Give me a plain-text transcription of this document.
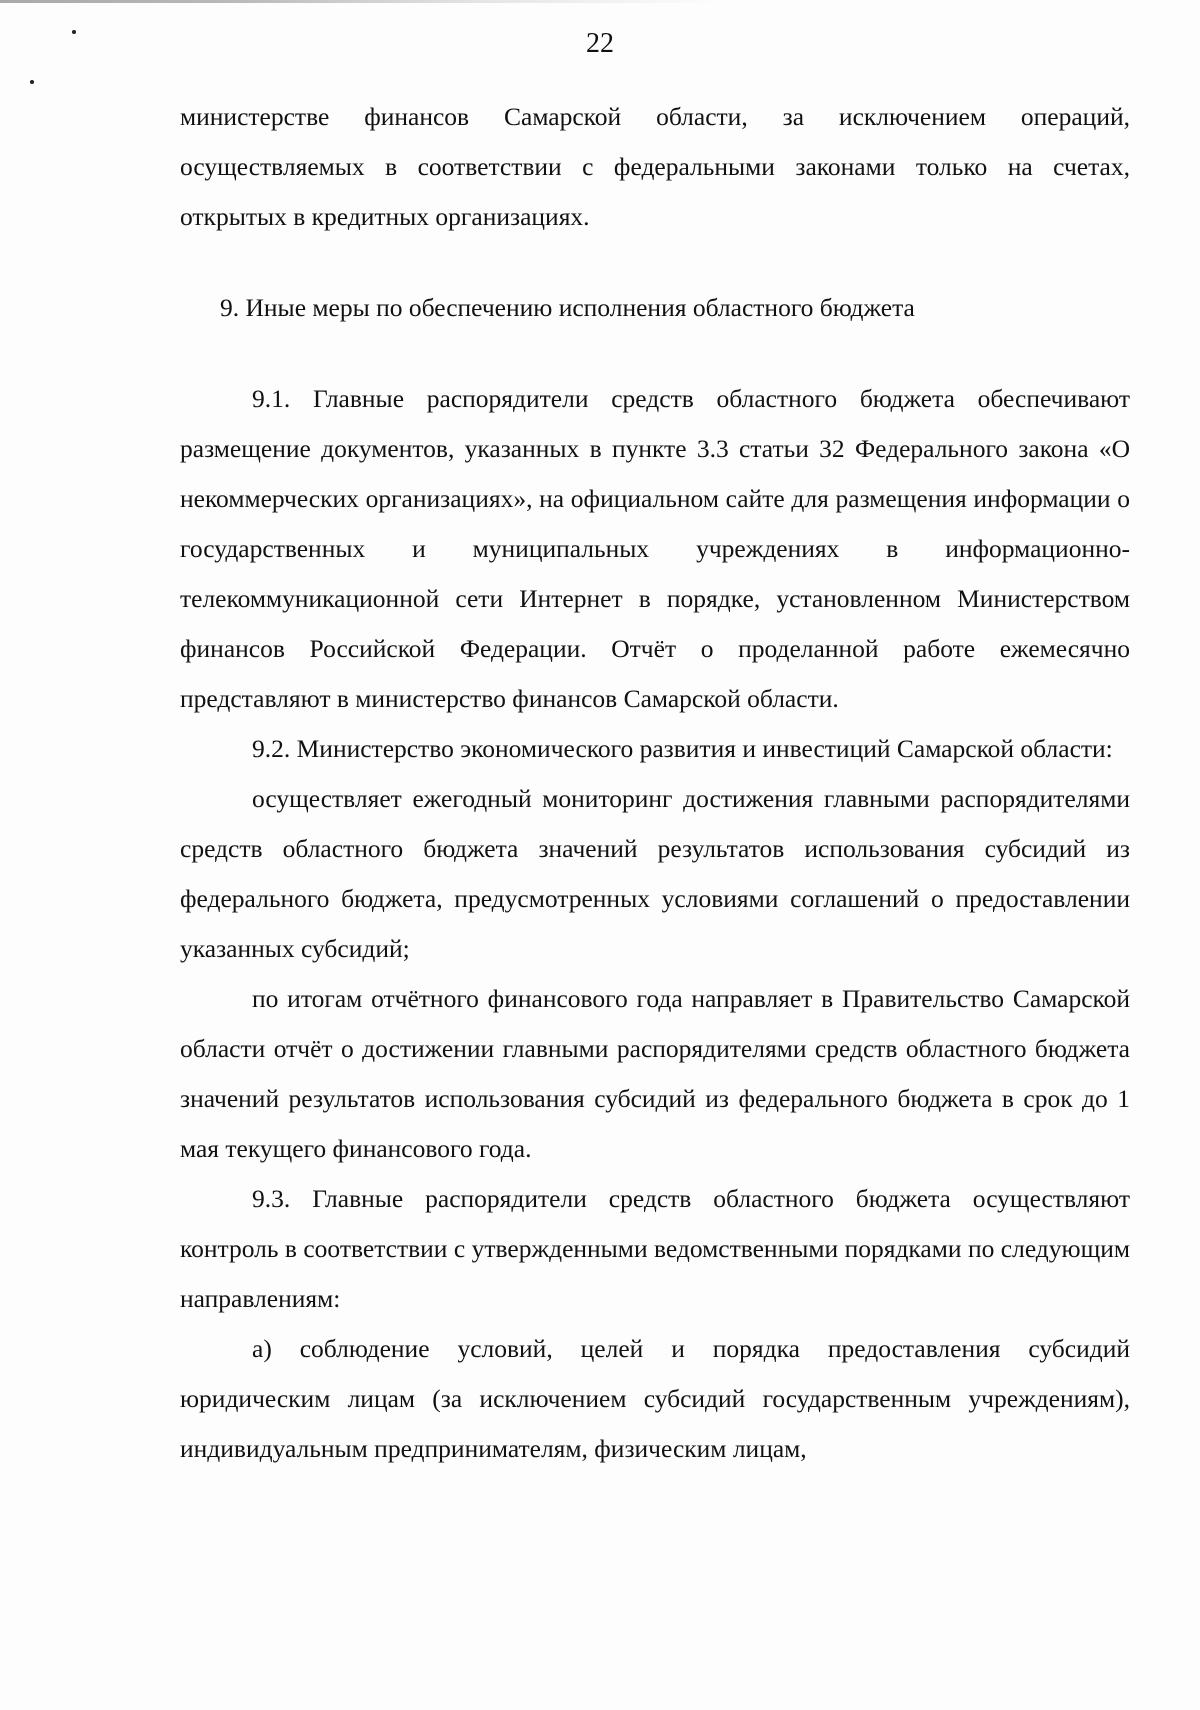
22

министерстве финансов Самарской области, за исключением операций, осуществляемых в соответствии с федеральными законами только на счетах, открытых в кредитных организациях.

9. Иные меры по обеспечению исполнения областного бюджета

9.1. Главные распорядители средств областного бюджета обеспечивают размещение документов, указанных в пункте 3.3 статьи 32 Федерального закона «О некоммерческих организациях», на официальном сайте для размещения информации о государственных и муниципальных учреждениях в информационно-телекоммуникационной сети Интернет в порядке, установленном Министерством финансов Российской Федерации. Отчёт о проделанной работе ежемесячно представляют в министерство финансов Самарской области.

9.2. Министерство экономического развития и инвестиций Самарской области:

осуществляет ежегодный мониторинг достижения главными распорядителями средств областного бюджета значений результатов использования субсидий из федерального бюджета, предусмотренных условиями соглашений о предоставлении указанных субсидий;

по итогам отчётного финансового года направляет в Правительство Самарской области отчёт о достижении главными распорядителями средств областного бюджета значений результатов использования субсидий из федерального бюджета в срок до 1 мая текущего финансового года.

9.3. Главные распорядители средств областного бюджета осуществляют контроль в соответствии с утвержденными ведомственными порядками по следующим направлениям:

а) соблюдение условий, целей и порядка предоставления субсидий юридическим лицам (за исключением субсидий государственным учреждениям), индивидуальным предпринимателям, физическим лицам,
